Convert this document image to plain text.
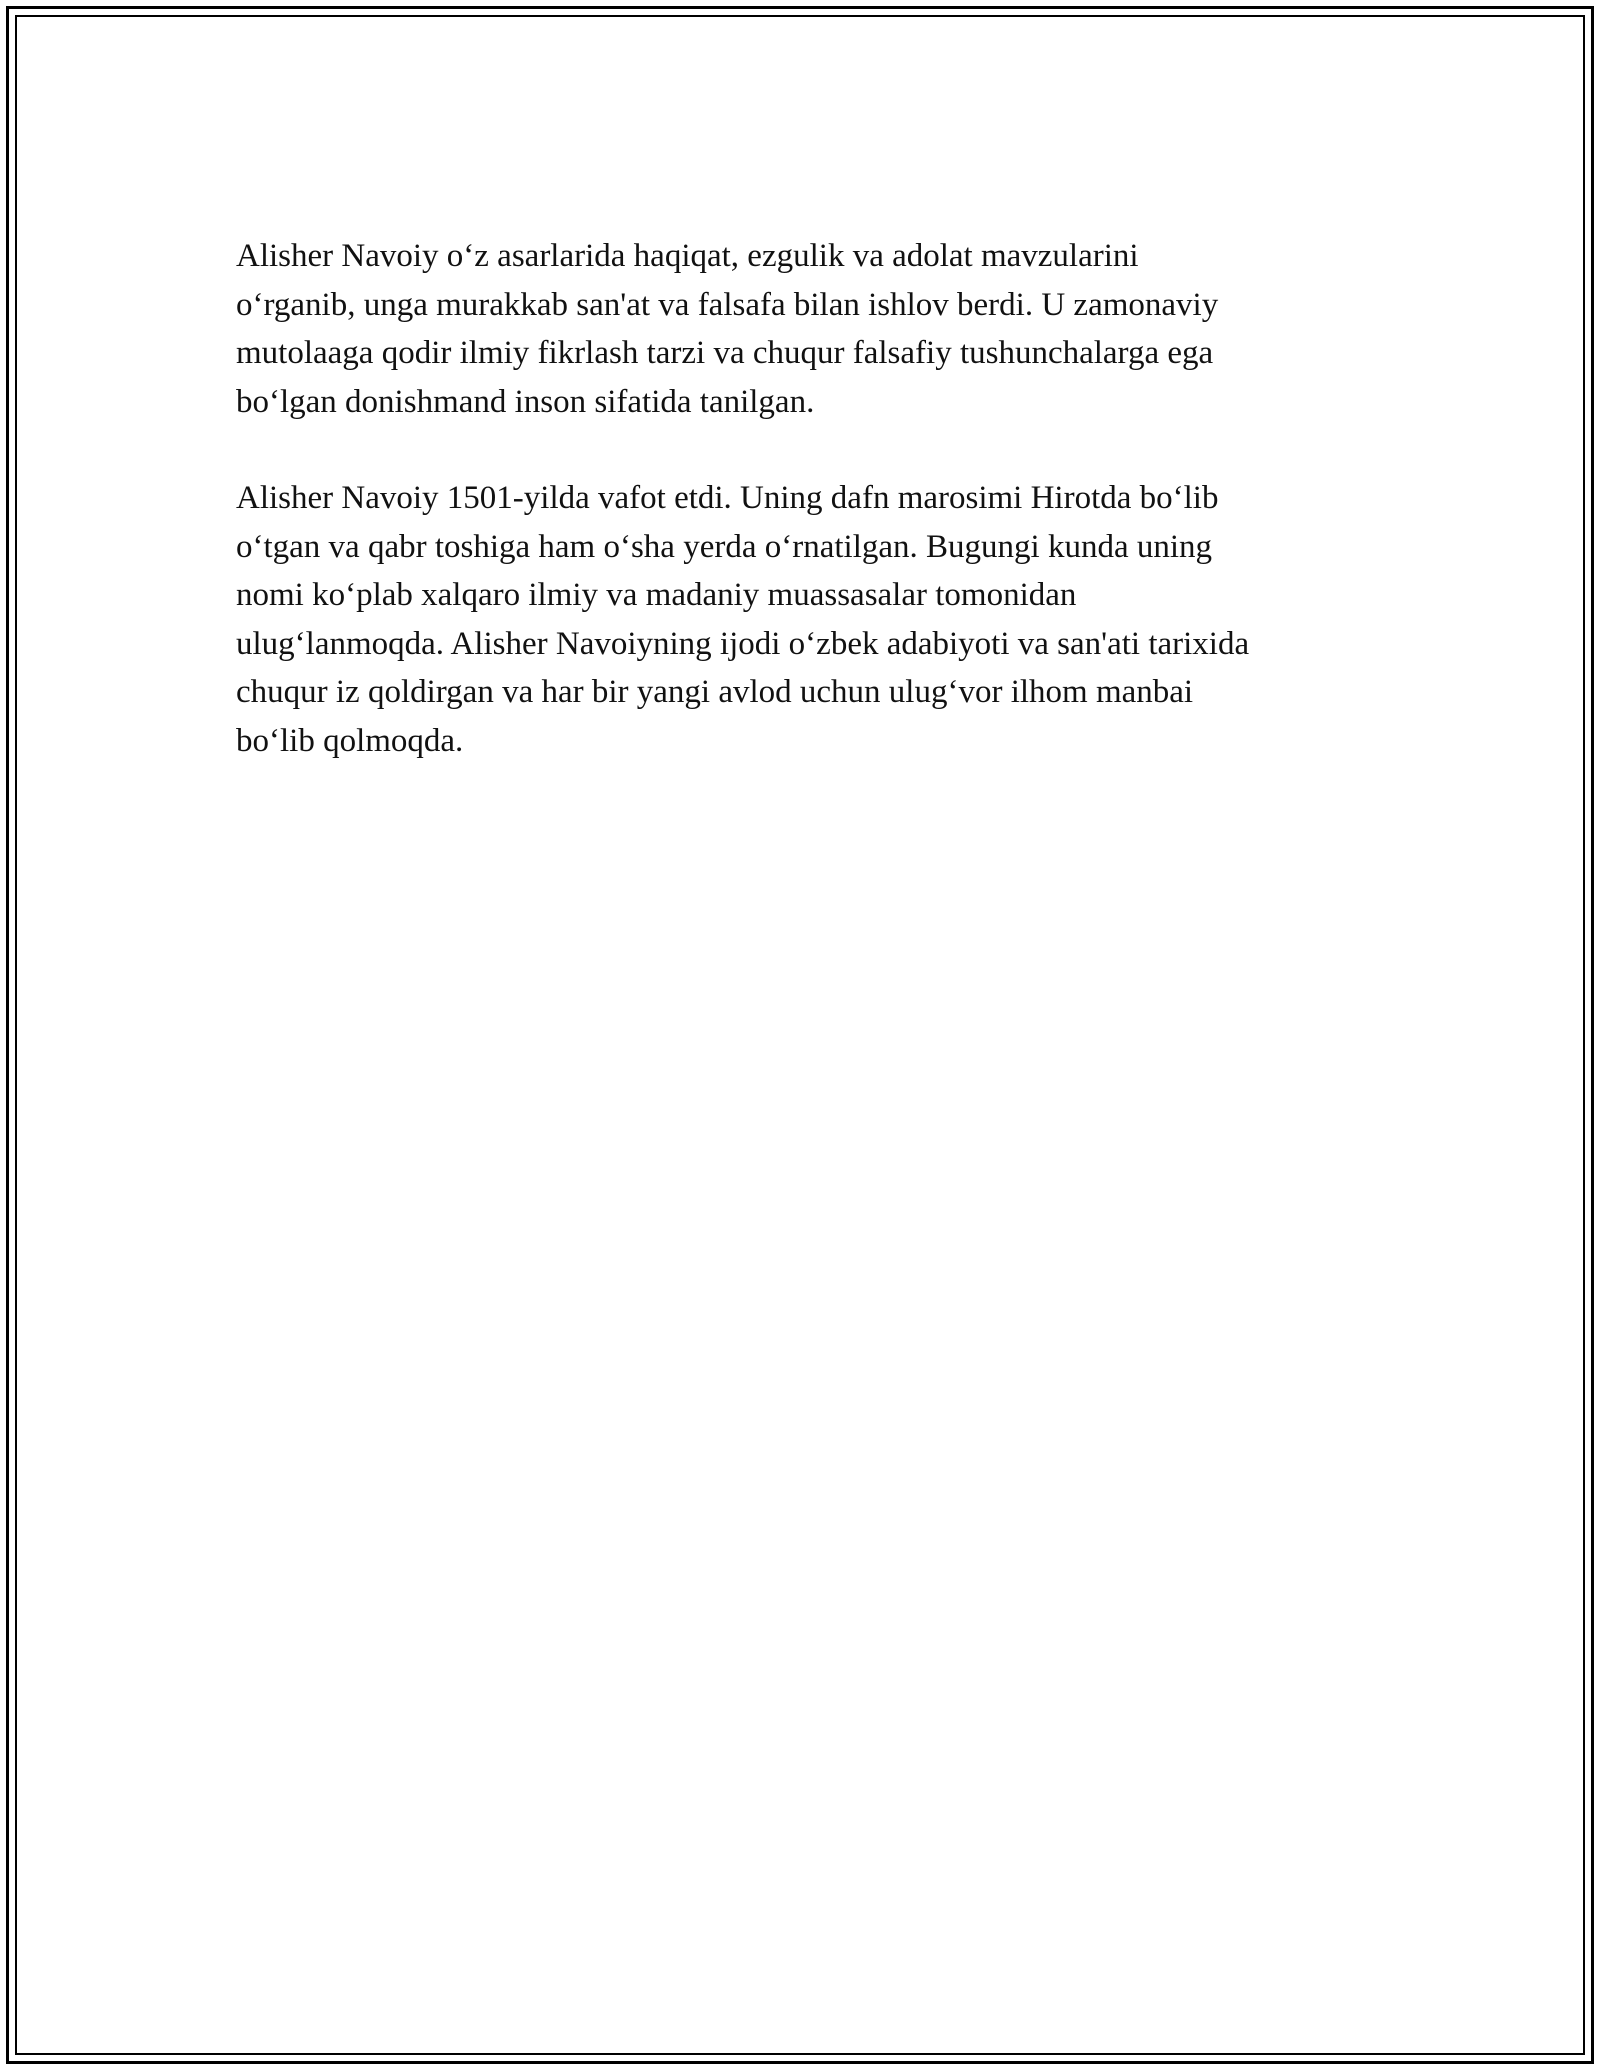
Alisher Navoiy o‘z asarlarida haqiqat, ezgulik va adolat mavzularini
o‘rganib, unga murakkab san'at va falsafa bilan ishlov berdi. U zamonaviy
mutolaaga qodir ilmiy fikrlash tarzi va chuqur falsafiy tushunchalarga ega
bo‘lgan donishmand inson sifatida tanilgan.

Alisher Navoiy 1501-yilda vafot etdi. Uning dafn marosimi Hirotda bo‘lib
o‘tgan va qabr toshiga ham o‘sha yerda o‘rnatilgan. Bugungi kunda uning
nomi ko‘plab xalqaro ilmiy va madaniy muassasalar tomonidan
ulug‘lanmoqda. Alisher Navoiyning ijodi o‘zbek adabiyoti va san'ati tarixida
chuqur iz qoldirgan va har bir yangi avlod uchun ulug‘vor ilhom manbai
bo‘lib qolmoqda.
